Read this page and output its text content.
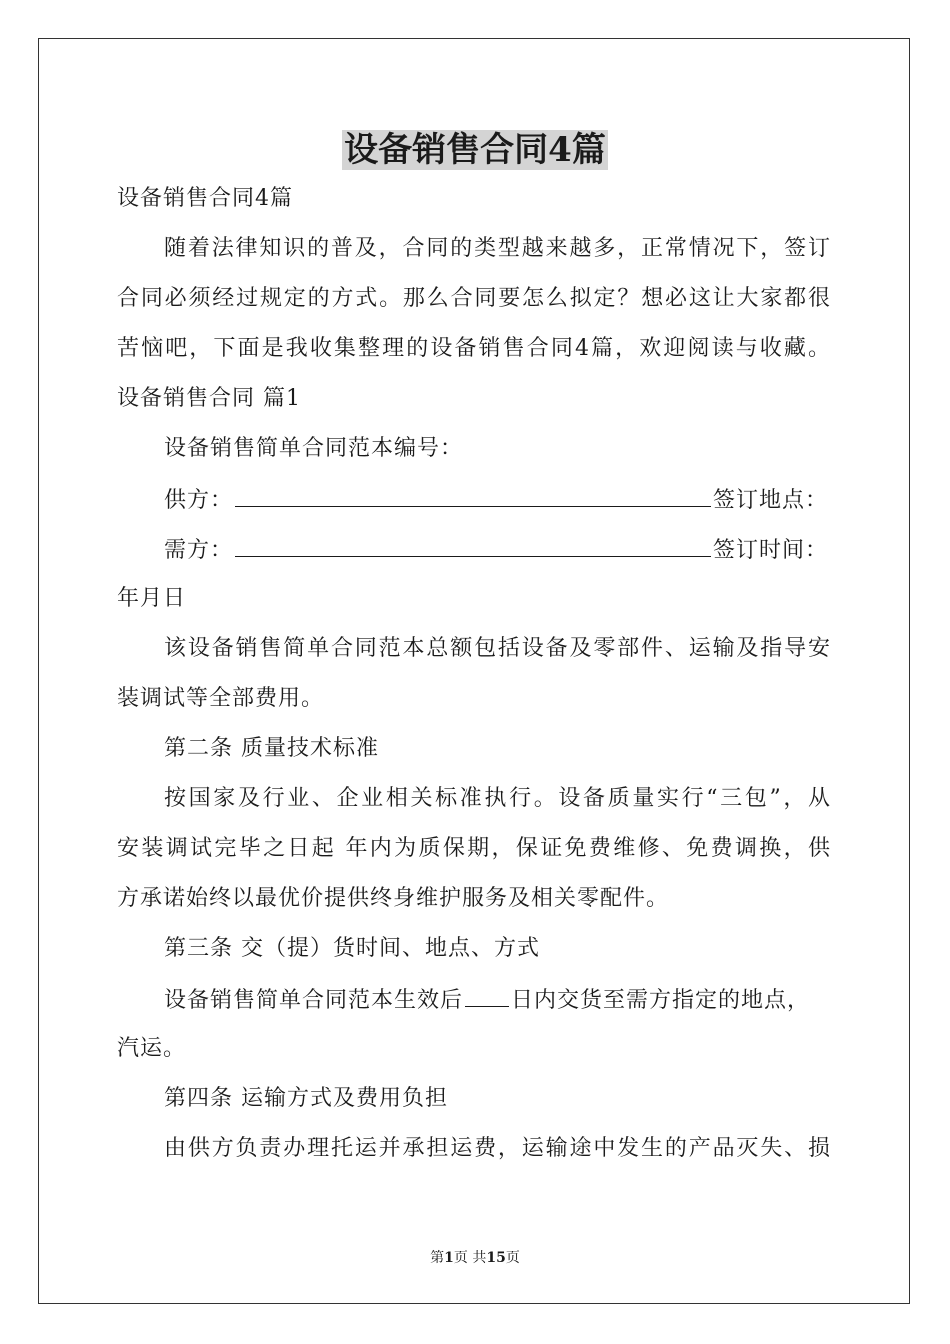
设备销售合同4篇
设备销售合同4篇
随着法律知识的普及，合同的类型越来越多，正常情况下，签订
合同必须经过规定的方式。那么合同要怎么拟定？想必这让大家都很
苦恼吧，下面是我收集整理的设备销售合同4篇，欢迎阅读与收藏。
设备销售合同 篇1
设备销售简单合同范本编号：
供方：	签订地点：
需方：	签订时间：
年月日
该设备销售简单合同范本总额包括设备及零部件、运输及指导安
装调试等全部费用。
第二条 质量技术标准
按国家及行业、企业相关标准执行。设备质量实行“三包”，从
安装调试完毕之日起 年内为质保期，保证免费维修、免费调换，供
方承诺始终以最优价提供终身维护服务及相关零配件。
第三条 交（提）货时间、地点、方式
设备销售简单合同范本生效后 日内交货至需方指定的地点，
汽运。
第四条 运输方式及费用负担
由供方负责办理托运并承担运费，运输途中发生的产品灭失、损
第1页 共15页
